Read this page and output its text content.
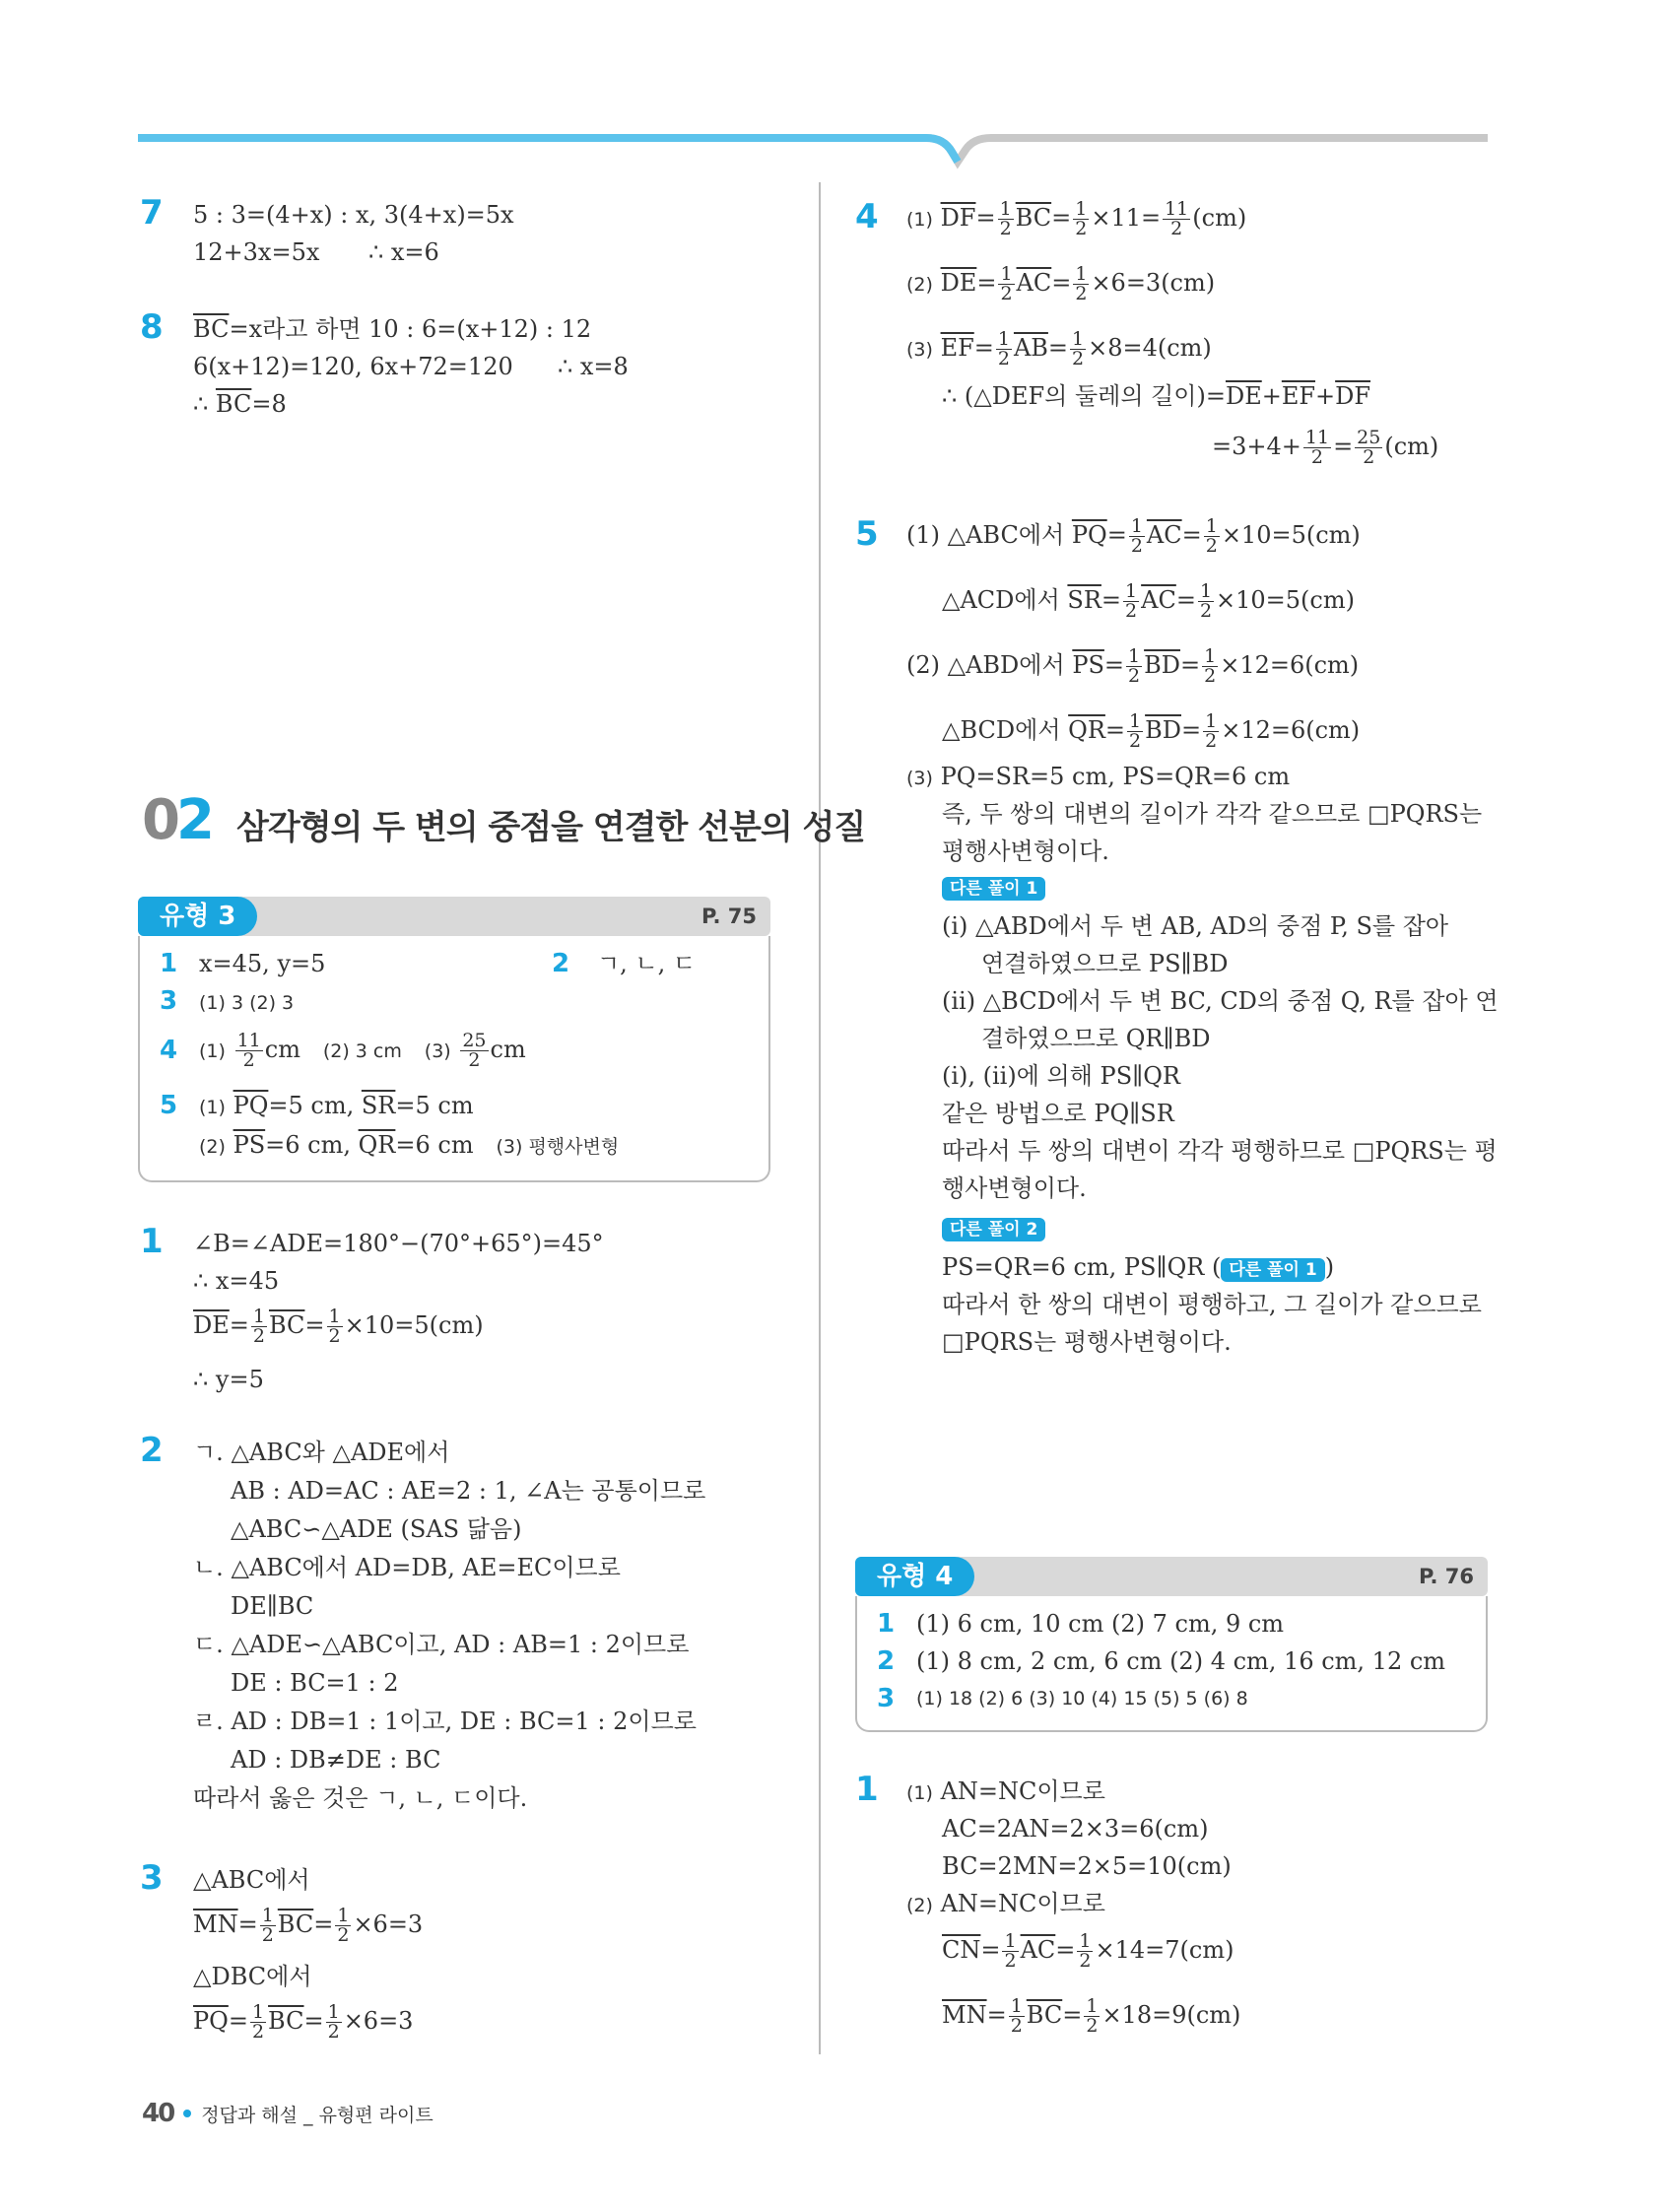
7 5 : 3=(4+x) : x, 3(4+x)=5x
12+3x=5x ∴ x=6
8 $\overline{BC}=x$라고 하면 10 : 6=(x+12) : 12
6(x+12)=120, 6x+72=120 ∴ x=8
∴ $\overline{BC}=8$
02 삼각형의 두 변의 중점을 연결한 선분의 성질
유형 3	P. 75
1 x=45, y=5	2 ㄱ, ㄴ, ㄷ
3 (1) 3 (2) 3
4 $(1) \frac{11}{2}$ cm (2) 3 cm $(3) \frac{25}{2}$ cm
5 (1) $\overline{PQ}=5$ cm, $\overline{SR}=5$ cm
(2) $\overline{PS}=6$ cm, $\overline{QR}=6$ cm (3) 평행사변형
1 ∠B=∠ADE=180°−(70°+65°)=45°
∴ x=45
$\overline{DE}= \frac{1}{2} \overline{BC}= \frac{1}{2} \times 10=5(cm)$
∴ y=5
2 ㄱ. △ABC와 △ADE에서
AB : AD=AC : AE=2 : 1, ∠A는 공통이므로
△ABC∽△ADE (SAS 닮음)
ㄴ. △ABC에서 AD=DB, AE=EC이므로
DE∥BC
ㄷ. △ADE∽△ABC이고, AD : AB=1 : 2이므로
DE : BC=1 : 2
ㄹ. AD : DB=1 : 1이고, DE : BC=1 : 2이므로
AD : DB≠DE : BC
따라서 옳은 것은 ㄱ, ㄴ, ㄷ이다.
3 △ABC에서
$\overline{MN}= \frac{1}{2} \overline{BC}= \frac{1}{2} \times 6=3$
△DBC에서
$\overline{PQ}= \frac{1}{2} \overline{BC}= \frac{1}{2} \times 6=3$
4 (1) $\overline{DF}= \frac{1}{2} \overline{BC}= \frac{1}{2} \times 11= \frac{11}{2} (cm)$
(2) $\overline{DE}= \frac{1}{2} \overline{AC}= \frac{1}{2} \times 6=3(cm)$
(3) $\overline{EF}= \frac{1}{2} \overline{AB}= \frac{1}{2} \times 8=4(cm)$
∴ (△DEF의 둘레의 길이)$=\overline{DE}+\overline{EF}+\overline{DF}$
$=3+4+ \frac{11}{2} = \frac{25}{2} (cm)$
5 (1) △ABC에서 $\overline{PQ}= \frac{1}{2} \overline{AC}= \frac{1}{2} \times 10=5(cm)$
△ACD에서 $\overline{SR}= \frac{1}{2} \overline{AC}= \frac{1}{2} \times 10=5(cm)$
(2) △ABD에서 $\overline{PS}= \frac{1}{2} \overline{BD}= \frac{1}{2} \times 12=6(cm)$
△BCD에서 $\overline{QR}= \frac{1}{2} \overline{BD}= \frac{1}{2} \times 12=6(cm)$
(3) PQ=SR=5 cm, PS=QR=6 cm
즉, 두 쌍의 대변의 길이가 각각 같으므로 □PQRS는
평행사변형이다.
다른 풀이 1
(ⅰ) △ABD에서 두 변 AB, AD의 중점 P, S를 잡아
연결하였으므로 PS∥BD
(ⅱ) △BCD에서 두 변 BC, CD의 중점 Q, R를 잡아 연
결하였으므로 QR∥BD
(ⅰ), (ⅱ)에 의해 PS∥QR
같은 방법으로 PQ∥SR
따라서 두 쌍의 대변이 각각 평행하므로 □PQRS는 평
행사변형이다.
다른 풀이 2
PS=QR=6 cm, PS∥QR ( 다른 풀이 1 )
따라서 한 쌍의 대변이 평행하고, 그 길이가 같으므로
□PQRS는 평행사변형이다.
유형 4	P. 76
1 (1) 6 cm, 10 cm (2) 7 cm, 9 cm
2 (1) 8 cm, 2 cm, 6 cm (2) 4 cm, 16 cm, 12 cm
3 (1) 18 (2) 6 (3) 10 (4) 15 (5) 5 (6) 8
1 (1) AN=NC이므로
AC=2AN=2×3=6(cm)
BC=2MN=2×5=10(cm)
(2) AN=NC이므로
$\overline{CN}= \frac{1}{2} \overline{AC}= \frac{1}{2} \times 14=7(cm)$
$\overline{MN}= \frac{1}{2} \overline{BC}= \frac{1}{2} \times 18=9(cm)$
40 정답과 해설 _ 유형편 라이트
